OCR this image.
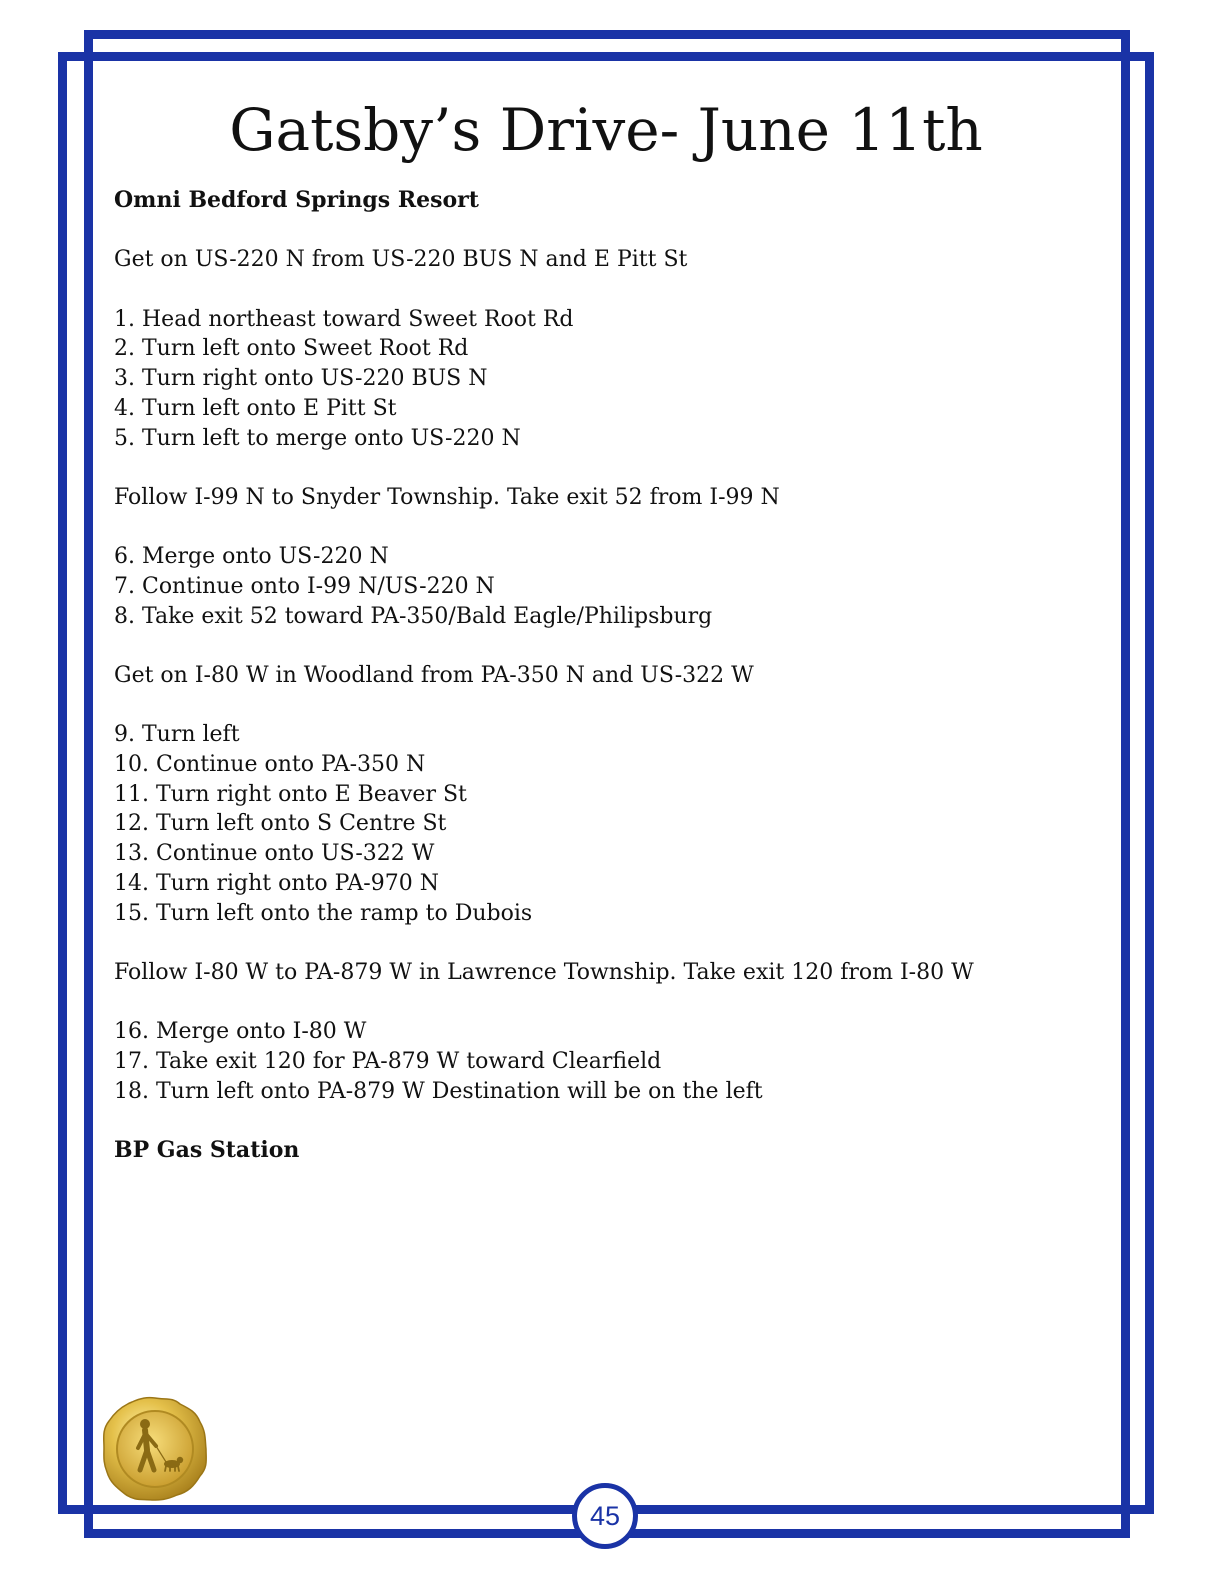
Gatsby’s Drive- June 11th
Omni Bedford Springs Resort
Get on US-220 N from US-220 BUS N and E Pitt St
1. Head northeast toward Sweet Root Rd
2. Turn left onto Sweet Root Rd
3. Turn right onto US-220 BUS N
4. Turn left onto E Pitt St
5. Turn left to merge onto US-220 N
Follow I-99 N to Snyder Township. Take exit 52 from I-99 N
6. Merge onto US-220 N
7. Continue onto I-99 N/US-220 N
8. Take exit 52 toward PA-350/Bald Eagle/Philipsburg
Get on I-80 W in Woodland from PA-350 N and US-322 W
9. Turn left
10. Continue onto PA-350 N
11. Turn right onto E Beaver St
12. Turn left onto S Centre St
13. Continue onto US-322 W
14. Turn right onto PA-970 N
15. Turn left onto the ramp to Dubois
Follow I-80 W to PA-879 W in Lawrence Township. Take exit 120 from I-80 W
16. Merge onto I-80 W
17. Take exit 120 for PA-879 W toward Clearfield
18. Turn left onto PA-879 W Destination will be on the left
BP Gas Station
45
